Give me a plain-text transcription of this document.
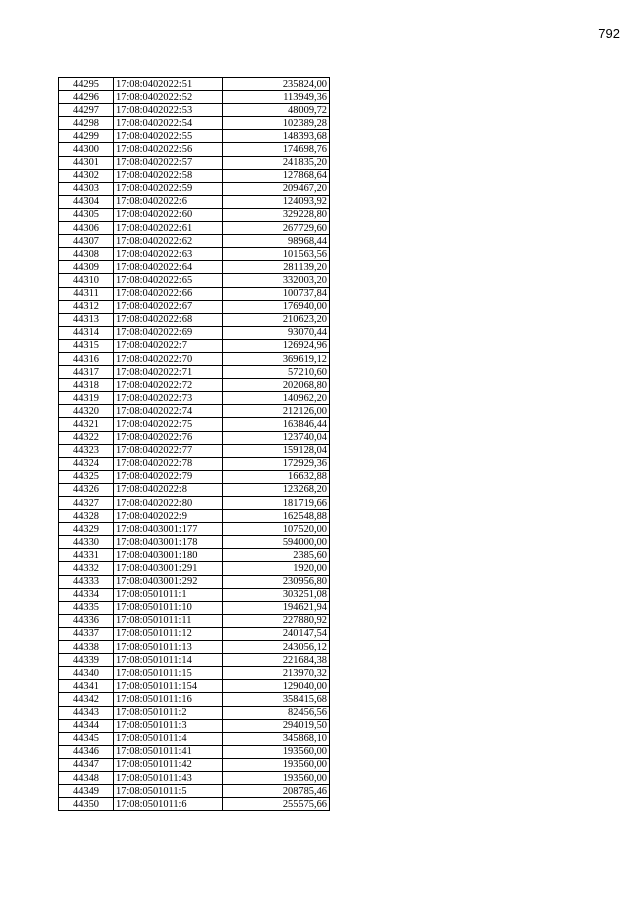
792
44295	17:08:0402022:51	235824,00
44296	17:08:0402022:52	113949,36
44297	17:08:0402022:53	48009,72
44298	17:08:0402022:54	102389,28
44299	17:08:0402022:55	148393,68
44300	17:08:0402022:56	174698,76
44301	17:08:0402022:57	241835,20
44302	17:08:0402022:58	127868,64
44303	17:08:0402022:59	209467,20
44304	17:08:0402022:6	124093,92
44305	17:08:0402022:60	329228,80
44306	17:08:0402022:61	267729,60
44307	17:08:0402022:62	98968,44
44308	17:08:0402022:63	101563,56
44309	17:08:0402022:64	281139,20
44310	17:08:0402022:65	332003,20
44311	17:08:0402022:66	100737,84
44312	17:08:0402022:67	176940,00
44313	17:08:0402022:68	210623,20
44314	17:08:0402022:69	93070,44
44315	17:08:0402022:7	126924,96
44316	17:08:0402022:70	369619,12
44317	17:08:0402022:71	57210,60
44318	17:08:0402022:72	202068,80
44319	17:08:0402022:73	140962,20
44320	17:08:0402022:74	212126,00
44321	17:08:0402022:75	163846,44
44322	17:08:0402022:76	123740,04
44323	17:08:0402022:77	159128,04
44324	17:08:0402022:78	172929,36
44325	17:08:0402022:79	16632,88
44326	17:08:0402022:8	123268,20
44327	17:08:0402022:80	181719,66
44328	17:08:0402022:9	162548,88
44329	17:08:0403001:177	107520,00
44330	17:08:0403001:178	594000,00
44331	17:08:0403001:180	2385,60
44332	17:08:0403001:291	1920,00
44333	17:08:0403001:292	230956,80
44334	17:08:0501011:1	303251,08
44335	17:08:0501011:10	194621,94
44336	17:08:0501011:11	227880,92
44337	17:08:0501011:12	240147,54
44338	17:08:0501011:13	243056,12
44339	17:08:0501011:14	221684,38
44340	17:08:0501011:15	213970,32
44341	17:08:0501011:154	129040,00
44342	17:08:0501011:16	358415,68
44343	17:08:0501011:2	82456,56
44344	17:08:0501011:3	294019,50
44345	17:08:0501011:4	345868,10
44346	17:08:0501011:41	193560,00
44347	17:08:0501011:42	193560,00
44348	17:08:0501011:43	193560,00
44349	17:08:0501011:5	208785,46
44350	17:08:0501011:6	255575,66
